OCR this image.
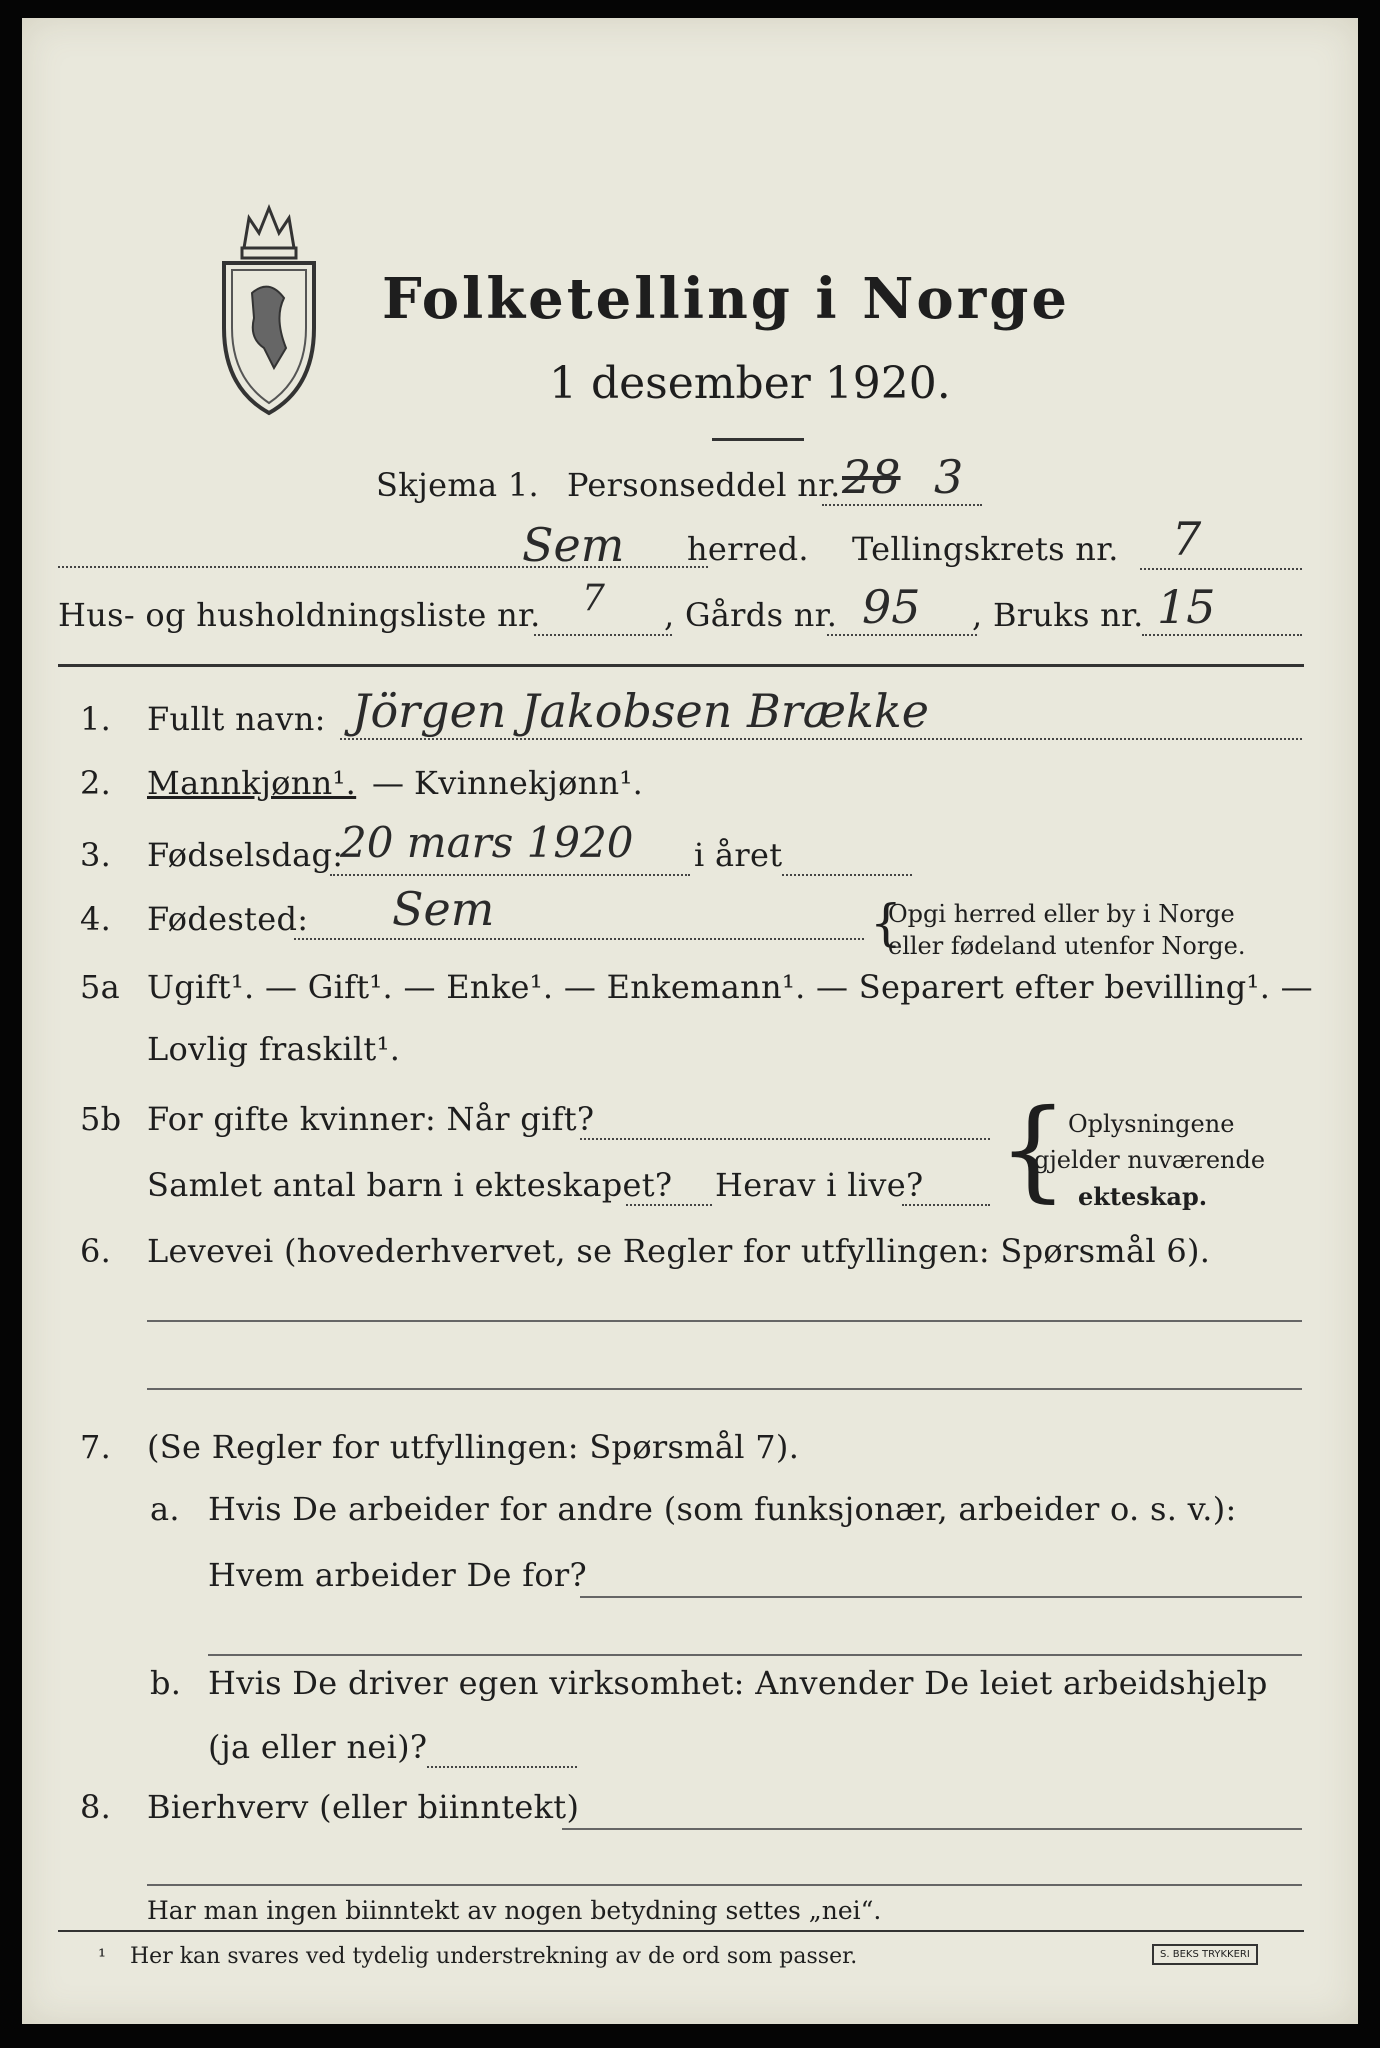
Folketelling i Norge
1 desember 1920.
Skjema 1. Personseddel nr. 28 3
Sem herred. Tellingskrets nr. 7
Hus- og husholdningsliste nr. 7 , Gårds nr. 95 , Bruks nr. 15
1. Fullt navn: Jörgen Jakobsen Brække
2. Mannkjønn¹. — Kvinnekjønn¹.
3. Fødselsdag:
20 mars 1920 i året
4. Fødested: Sem	{
Opgi herred eller by i Norge
eller fødeland utenfor Norge.
5a Ugift¹. — Gift¹. — Enke¹. — Enkemann¹. — Separert efter bevilling¹. —
Lovlig fraskilt¹.
5b For gifte kvinner: Når gift?
Samlet antal barn i ekteskapet? Herav i live? { Oplysningene
gjelder nuværende
ekteskap.
6. Levevei (hovederhvervet, se Regler for utfyllingen: Spørsmål 6).
7. (Se Regler for utfyllingen: Spørsmål 7).
a. Hvis De arbeider for andre (som funksjonær, arbeider o. s. v.):
Hvem arbeider De for?
b. Hvis De driver egen virksomhet: Anvender De leiet arbeidshjelp
(ja eller nei)?
8. Bierhverv (eller biinntekt)
Har man ingen biinntekt av nogen betydning settes „nei“.
¹ Her kan svares ved tydelig understrekning av de ord som passer.	S. BEKS TRYKKERI
